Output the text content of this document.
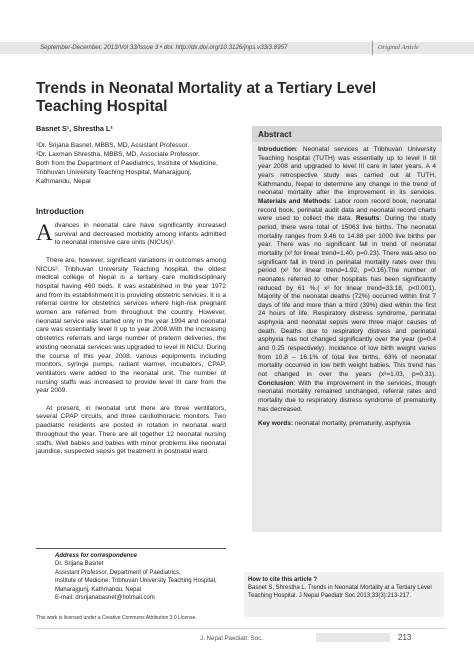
September-December, 2013/Vol 33/Issue 3 • doi: http://dx.doi.org/10.3126/jnps.v33i3.8957	Original Article
Trends in Neonatal Mortality at a Tertiary Level Teaching Hospital
Basnet S¹, Shrestha L²
¹Dr. Srijana Basnet, MBBS, MD, Assistant Professor.
²Dr. Laxman Shrestha, MBBS, MD, Associate Professor.
Both from the Department of Paediatrics, Institute of Medicine, Tribhuvan University Teaching Hospital, Maharajgunj, Kathmandu, Nepal
Introduction

Advances in neonatal care have significantly increased survival and decreased morbidity among infants admitted to neonatal intensive care units (NICUs)¹.

There are, however, significant variations in outcomes among NICUs². Tribhuvan University Teaching hospital, the oldest medical college of Nepal is a tertiary care multidisciplinary hospital having 460 beds. It was established in the year 1972 and from its establishment it is providing obstetric services. It is a referral centre for obstetrics services where high-risk pregnant women are referred from throughout the country. However, neonatal service was started only in the year 1994 and neonatal care was essentially level II up to year 2008.With the increasing obstetrics referrals and large number of preterm deliveries, the existing neonatal services was upgraded to level III NICU. During the course of this year 2008, various equipments including monitors, syringe pumps, radiant warmer, incubators, CPAP, ventilators were added to the neonatal unit. The number of nursing staffs was increased to provide level III care from the year 2009.

At present, in neonatal unit there are three ventilators, several CPAP circuits, and three cardiothoracic monitors. Two paediatric residents are posted in rotation in neonatal ward throughout the year. There are all together 12 neonatal nursing staffs. Well babies and babies with minor problems like neonatal jaundice, suspected sepsis get treatment in postnatal ward.

Abstract
Introduction: Neonatal services at Tribhuvan University Teaching hospital (TUTH) was essentially up to level II till year 2008 and upgraded to level III care in later years. A 4 years retrospective study was carried out at TUTH, Kathmandu, Nepal to determine any change in the trend of neonatal mortality after the improvement in its services. Materials and Methods: Labor room record book, neonatal record book, perinatal audit data and neonatal record charts were used to collect the data. Results: During the study period, there were total of 15063 live births. The neonatal mortality ranges from 9.46 to 14.88 per 1000 live births per year. There was no significant fall in trend of neonatal mortality (x² for linear trend=1.40, p=0.23). There was also no significant fall in trend in perinatal mortality rates over this period (x² for linear trend=1.92, p=0.16).The number of neonates referred to other hospitals has been significantly reduced by 61 %.( x² for linear trend=33.18, p<0.001). Majority of the neonatal deaths (72%) occurred within first 7 days of life and more than a third (39%) died within the first 24 hours of life. Respiratory distress syndrome, perinatal asphyxia and neonatal sepsis were three major causes of death. Deaths due to respiratory distress and perinatal asphyxia has not changed significantly over the year (p=0.4 and 0.25 respectively). Incidence of low birth weight varies from 10.8 – 16.1% of total live births. 63% of neonatal mortality occurred in low birth weight babies. This trend has not changed in over the years (x²=1.03, p=0.31). Conclusion: With the improvement in the services, though neonatal mortality remained unchanged, referral rates and mortality due to respiratory distress syndrome of prematurity has decreased.
Key words: neonatal mortality, prematurity, asphyxia
Address for correspondence
Dr. Srijana Basnet
Assistant Professor, Department of Paediatrics,
Institute of Medicine, Tribhuvan University Teaching Hospital,
Maharajgunj, Kathmandu, Nepal
E-mail: drsrijanabasnet@hotmail.com
How to cite this article ?
Basnet S, Shrestha L. Trends in Neonatal Mortality at a Tertiary Level Teaching Hospital. J Nepal Paediatr Soc 2013;33(3):213-217.
This work is licensed under a Creative Commons Attribution 3.0 License.
J. Nepal Paediatr. Soc.	213
